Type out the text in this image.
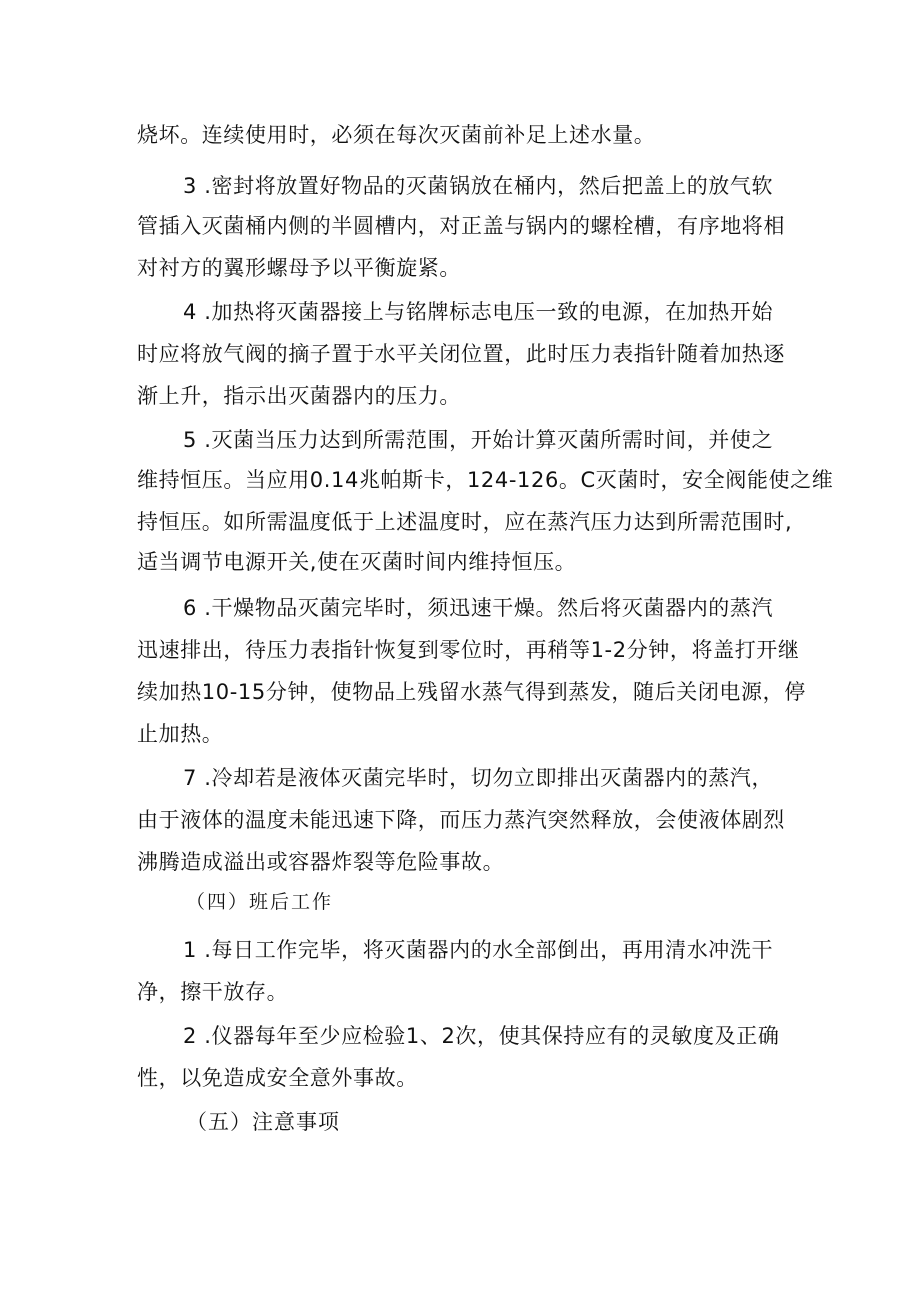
烧坏。连续使用时，必须在每次灭菌前补足上述水量。
3 .密封将放置好物品的灭菌锅放在桶内，然后把盖上的放气软
管插入灭菌桶内侧的半圆槽内，对正盖与锅内的螺栓槽，有序地将相
对衬方的翼形螺母予以平衡旋紧。
4 .加热将灭菌器接上与铭牌标志电压一致的电源，在加热开始
时应将放气阀的摘子置于水平关闭位置，此时压力表指针随着加热逐
渐上升，指示出灭菌器内的压力。
5 .灭菌当压力达到所需范围，开始计算灭菌所需时间，并使之
维持恒压。当应用0.14兆帕斯卡，124-126。C灭菌时，安全阀能使之维
持恒压。如所需温度低于上述温度时，应在蒸汽压力达到所需范围时,
适当调节电源开关,使在灭菌时间内维持恒压。
6 .干燥物品灭菌完毕时，须迅速干燥。然后将灭菌器内的蒸汽
迅速排出，待压力表指针恢复到零位时，再稍等1-2分钟，将盖打开继
续加热10-15分钟，使物品上残留水蒸气得到蒸发，随后关闭电源，停
止加热。
7 .冷却若是液体灭菌完毕时，切勿立即排出灭菌器内的蒸汽，
由于液体的温度未能迅速下降，而压力蒸汽突然释放，会使液体剧烈
沸腾造成溢出或容器炸裂等危险事故。
（四）班后工作
1 .每日工作完毕，将灭菌器内的水全部倒出，再用清水冲洗干
净，擦干放存。
2 .仪器每年至少应检验1、2次，使其保持应有的灵敏度及正确
性，以免造成安全意外事故。
（五）注意事项
